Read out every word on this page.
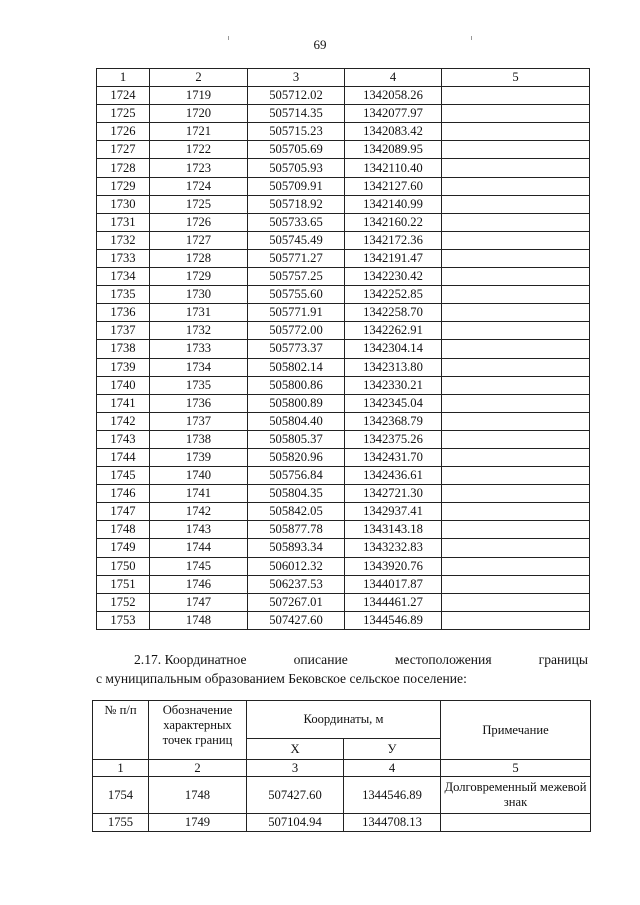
69
1	2	3	4	5
1724	1719	505712.02	1342058.26	
1725	1720	505714.35	1342077.97	
1726	1721	505715.23	1342083.42	
1727	1722	505705.69	1342089.95	
1728	1723	505705.93	1342110.40	
1729	1724	505709.91	1342127.60	
1730	1725	505718.92	1342140.99	
1731	1726	505733.65	1342160.22	
1732	1727	505745.49	1342172.36	
1733	1728	505771.27	1342191.47	
1734	1729	505757.25	1342230.42	
1735	1730	505755.60	1342252.85	
1736	1731	505771.91	1342258.70	
1737	1732	505772.00	1342262.91	
1738	1733	505773.37	1342304.14	
1739	1734	505802.14	1342313.80	
1740	1735	505800.86	1342330.21	
1741	1736	505800.89	1342345.04	
1742	1737	505804.40	1342368.79	
1743	1738	505805.37	1342375.26	
1744	1739	505820.96	1342431.70	
1745	1740	505756.84	1342436.61	
1746	1741	505804.35	1342721.30	
1747	1742	505842.05	1342937.41	
1748	1743	505877.78	1343143.18	
1749	1744	505893.34	1343232.83	
1750	1745	506012.32	1343920.76	
1751	1746	506237.53	1344017.87	
1752	1747	507267.01	1344461.27	
1753	1748	507427.60	1344546.89	
2.17. Координатное	описание	местоположения	границы
с муниципальным образованием Бековское сельское поселение:
№ п/п	Обозначение характерных точек границ	Координаты, м		Примечание
		Х	У	
1	2	3	4	5
1754	1748	507427.60	1344546.89	Долговременный межевой знак
1755	1749	507104.94	1344708.13	
